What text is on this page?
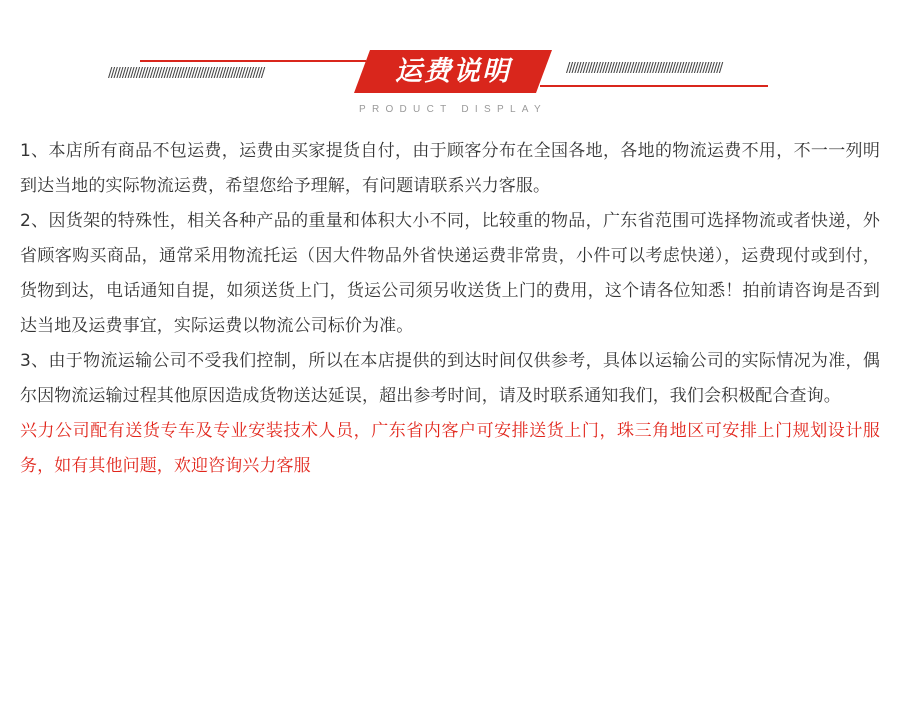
////////////////////////////////////////////////////////	运费说明	////////////////////////////////////////////////////////
PRODUCT DISPLAY

1、本店所有商品不包运费，运费由买家提货自付，由于顾客分布在全国各地，各地的物流运费不用，不一一列明到达当地的实际物流运费，希望您给予理解，有问题请联系兴力客服。

2、因货架的特殊性，相关各种产品的重量和体积大小不同，比较重的物品，广东省范围可选择物流或者快递，外省顾客购买商品，通常采用物流托运（因大件物品外省快递运费非常贵，小件可以考虑快递），运费现付或到付，货物到达，电话通知自提，如须送货上门，货运公司须另收送货上门的费用，这个请各位知悉！拍前请咨询是否到达当地及运费事宜，实际运费以物流公司标价为准。

3、由于物流运输公司不受我们控制，所以在本店提供的到达时间仅供参考，具体以运输公司的实际情况为准，偶尔因物流运输过程其他原因造成货物送达延误，超出参考时间，请及时联系通知我们，我们会积极配合查询。

兴力公司配有送货专车及专业安装技术人员，广东省内客户可安排送货上门，珠三角地区可安排上门规划设计服务，如有其他问题，欢迎咨询兴力客服
